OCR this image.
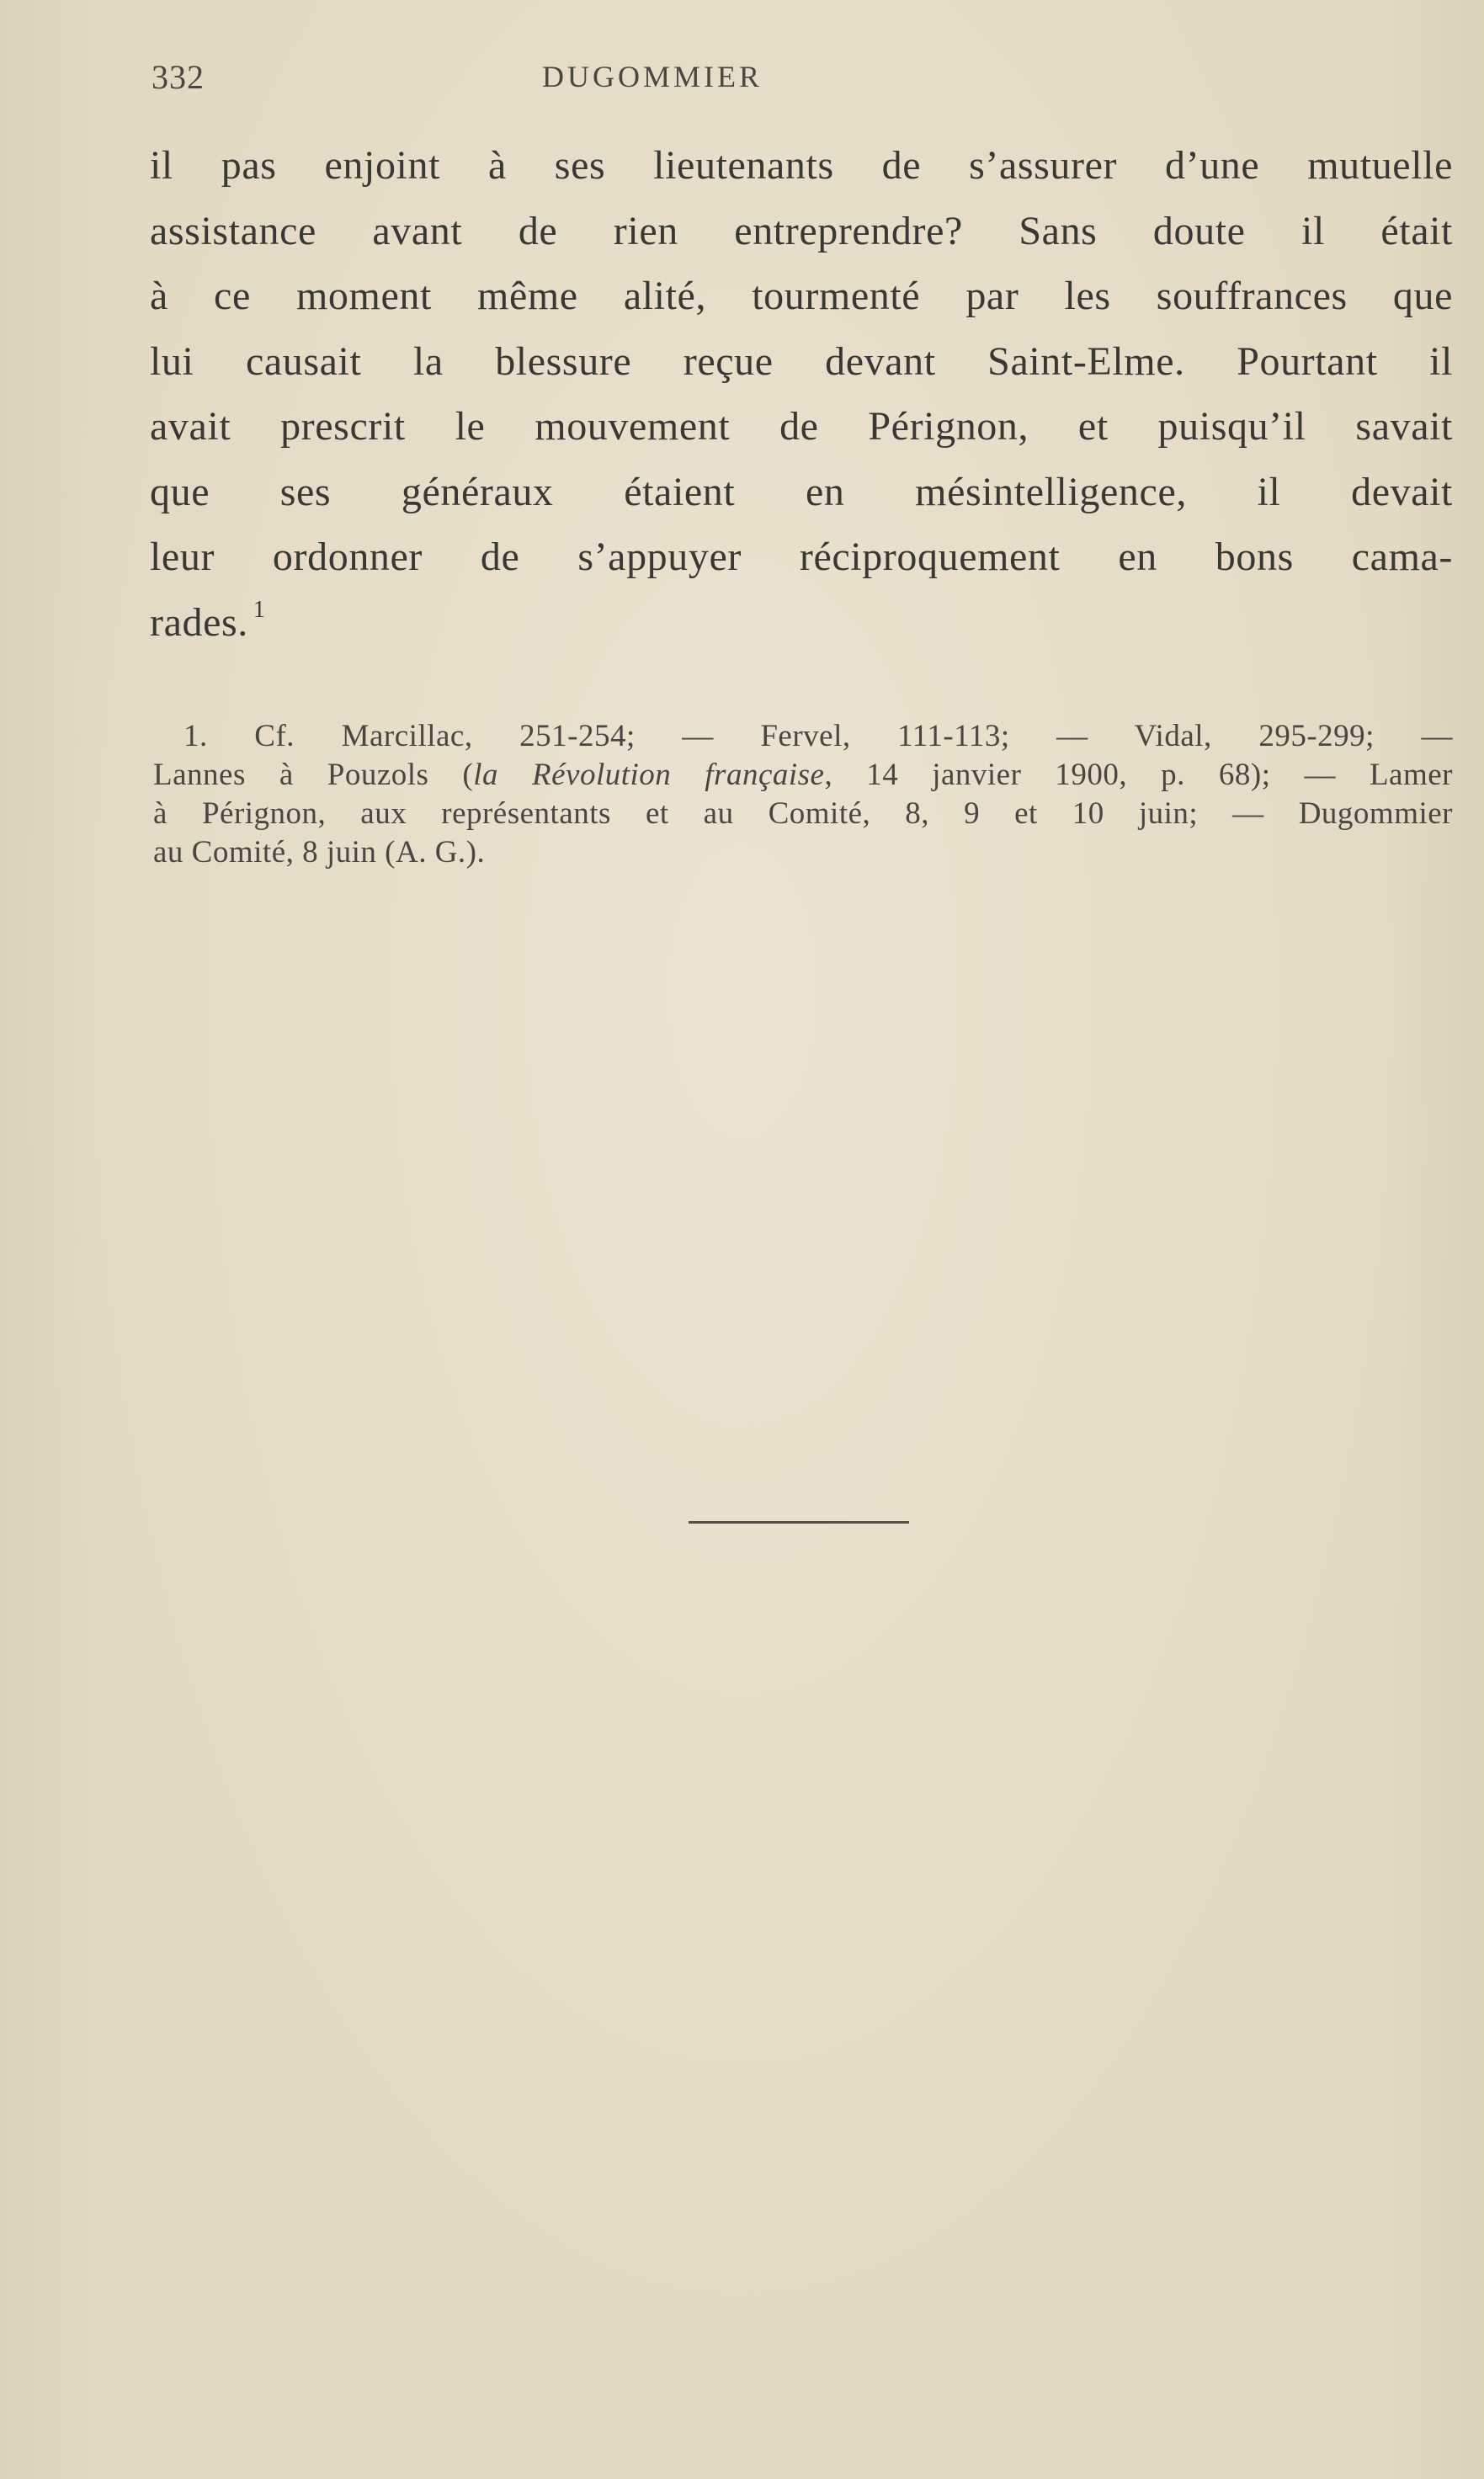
332	DUGOMMIER
il pas enjoint à ses lieutenants de s’assurer d’une mutuelle
assistance avant de rien entreprendre? Sans doute il était
à ce moment même alité, tourmenté par les souffrances que
lui causait la blessure reçue devant Saint-Elme. Pourtant il
avait prescrit le mouvement de Pérignon, et puisqu’il savait
que ses généraux étaient en mésintelligence, il devait
leur ordonner de s’appuyer réciproquement en bons cama-
rades. $^1$
1. Cf. Marcillac, 251-254; — Fervel, 111-113; — Vidal, 295-299; —
Lannes à Pouzols (la Révolution française, 14 janvier 1900, p. 68); — Lamer
à Pérignon, aux représentants et au Comité, 8, 9 et 10 juin; — Dugommier
au Comité, 8 juin (A. G.).
